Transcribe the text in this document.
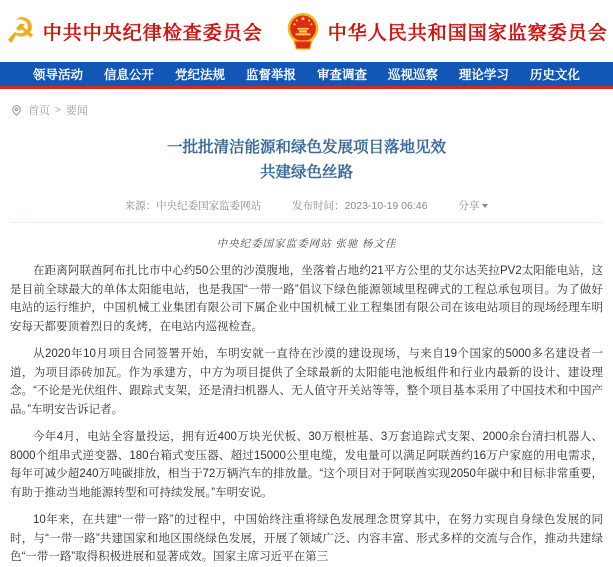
☭ 中共中央纪律检查委员会	中华人民共和国国家监察委员会
领导活动 信息公开 党纪法规 监督举报 审查调查 巡视巡察 理论学习 历史文化
首页 > 要闻
一批批清洁能源和绿色发展项目落地见效
共建绿色丝路
来源：中央纪委国家监委网站	发布时间：2023-10-19 06:46	分享
中央纪委国家监委网站 张驰 杨文佳

在距离阿联酋阿布扎比市中心约50公里的沙漠腹地，坐落着占地约21平方公里的艾尔达芙拉PV2太阳能电站，这是目前全球最大的单体太阳能电站，也是我国“一带一路”倡议下绿色能源领域里程碑式的工程总承包项目。为了做好电站的运行维护，中国机械工业集团有限公司下属企业中国机械工业工程集团有限公司在该电站项目的现场经理车明安每天都要顶着烈日的炙烤，在电站内巡视检查。

从2020年10月项目合同签署开始，车明安就一直待在沙漠的建设现场，与来自19个国家的5000多名建设者一道，为项目添砖加瓦。作为承建方，中方为项目提供了全球最新的太阳能电池板组件和行业内最新的设计、建设理念。“不论是光伏组件、跟踪式支架，还是清扫机器人、无人值守开关站等等，整个项目基本采用了中国技术和中国产品。”车明安告诉记者。

今年4月，电站全容量投运，拥有近400万块光伏板、30万根桩基、3万套追踪式支架、2000余台清扫机器人、8000个组串式逆变器、180台箱式变压器、超过15000公里电缆，发电量可以满足阿联酋约16万户家庭的用电需求，每年可减少超240万吨碳排放，相当于72万辆汽车的排放量。“这个项目对于阿联酋实现2050年碳中和目标非常重要，有助于推动当地能源转型和可持续发展。”车明安说。

10年来，在共建“一带一路”的过程中，中国始终注重将绿色发展理念贯穿其中，在努力实现自身绿色发展的同时，与“一带一路”共建国家和地区围绕绿色发展，开展了领域广泛、内容丰富、形式多样的交流与合作，推动共建绿色“一带一路”取得积极进展和显著成效。国家主席习近平在第三
